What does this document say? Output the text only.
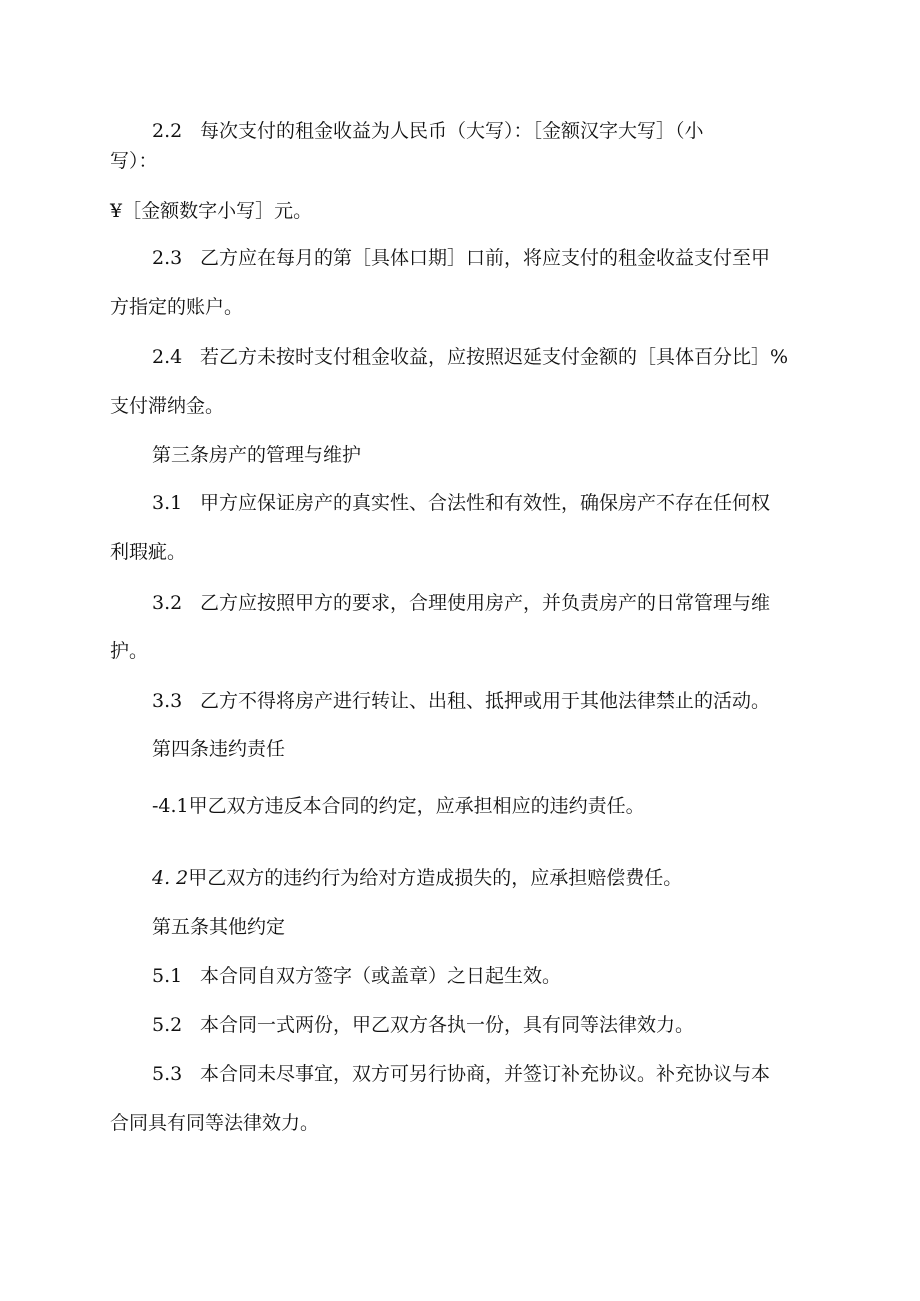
2.2 每次支付的租金收益为人民币（大写）：［金额汉字大写］（小
写）：
¥［金额数字小写］元。
2.3 乙方应在每月的第［具体口期］口前，将应支付的租金收益支付至甲
方指定的账户。
2.4 若乙方未按时支付租金收益，应按照迟延支付金额的［具体百分比］%
支付滞纳金。
第三条房产的管理与维护
3.1 甲方应保证房产的真实性、合法性和有效性，确保房产不存在任何权
利瑕疵。
3.2 乙方应按照甲方的要求，合理使用房产，并负责房产的日常管理与维
护。
3.3 乙方不得将房产进行转让、出租、抵押或用于其他法律禁止的活动。
第四条违约责任
-4.1甲乙双方违反本合同的约定，应承担相应的违约责任。
4. 2甲乙双方的违约行为给对方造成损失的，应承担赔偿费任。
第五条其他约定
5.1 本合同自双方签字（或盖章）之日起生效。
5.2 本合同一式两份，甲乙双方各执一份，具有同等法律效力。
5.3 本合同未尽事宜，双方可另行协商，并签订补充协议。补充协议与本
合同具有同等法律效力。
